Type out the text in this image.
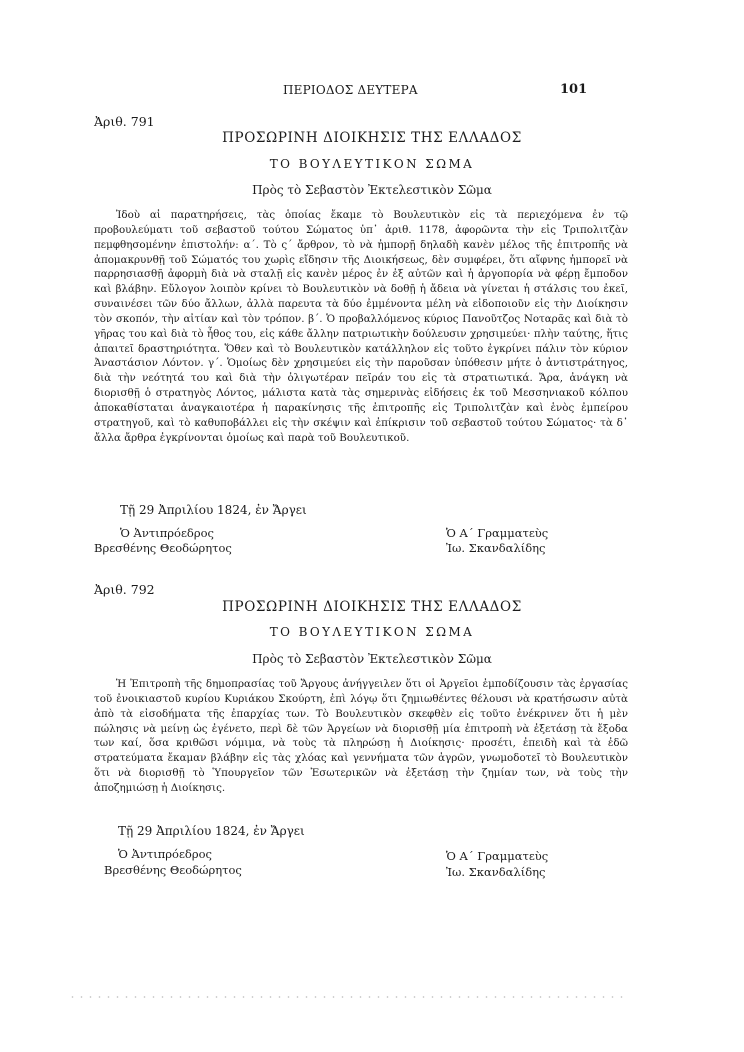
ΠΕΡΙΟΔΟΣ ΔΕΥΤΕΡΑ	101
Ἀριθ. 791
ΠΡΟΣΩΡΙΝΗ ΔΙΟΙΚΗΣΙΣ ΤΗΣ ΕΛΛΑΔΟΣ
ΤΟ ΒΟΥΛΕΥΤΙΚΟΝ ΣΩΜΑ
Πρὸς τὸ Σεβαστὸν Ἐκτελεστικὸν Σῶμα

Ἰδοὺ αἱ παρατηρήσεις, τὰς ὁποίας ἔκαμε τὸ Βουλευτικὸν εἰς τὰ περιεχόμενα ἐν τῷ προβουλεύματι τοῦ σεβαστοῦ τούτου Σώματος ὑπ᾽ ἀριθ. 1178, ἀφορῶντα τὴν εἰς Τριπολιτζὰν πεμφθησομένην ἐπιστολήν: α΄. Τὸ ς΄ ἄρθρον, τὸ νὰ ἠμπορῇ δηλαδὴ κανὲν μέλος τῆς ἐπιτροπῆς νὰ ἀπομακρυνθῇ τοῦ Σώματός του χωρὶς εἴδησιν τῆς Διοικήσεως, δὲν συμφέρει, ὅτι αἴφνης ἠμπορεῖ νὰ παρρησιασθῇ ἀφορμὴ διὰ νὰ σταλῇ εἰς κανὲν μέρος ἐν ἐξ αὐτῶν καὶ ἡ ἀργοπορία νὰ φέρῃ ἔμποδον καὶ βλάβην. Εὔλογον λοιπὸν κρίνει τὸ Βουλευτικὸν νὰ δοθῇ ἡ ἄδεια νὰ γίνεται ἡ στάλσις του ἐκεῖ, συναινέσει τῶν δύο ἄλλων, ἀλλὰ παρευτα τὰ δύο ἐμμένοντα μέλη νὰ εἰδοποιοῦν εἰς τὴν Διοίκησιν τὸν σκοπόν, τὴν αἰτίαν καὶ τὸν τρόπον. β΄. Ὁ προβαλλόμενος κύριος Πανοῦτζος Νοταρᾶς καὶ διὰ τὸ γῆρας του καὶ διὰ τὸ ἦθος του, εἰς κάθε ἄλλην πατριωτικὴν δούλευσιν χρησιμεύει· πλὴν ταύτης, ἥτις ἀπαιτεῖ δραστηριότητα. Ὅθεν καὶ τὸ Βουλευτικὸν κατάλληλον εἰς τοῦτο ἐγκρίνει πάλιν τὸν κύριον Ἀναστάσιον Λόντον. γ΄. Ὁμοίως δὲν χρησιμεύει εἰς τὴν παροῦσαν ὑπόθεσιν μήτε ὁ ἀντιστράτηγος, διὰ τὴν νεότητά του καὶ διὰ τὴν ὀλιγωτέραν πεῖράν του εἰς τὰ στρατιωτικά. Ἄρα, ἀνάγκη νὰ διορισθῇ ὁ στρατηγὸς Λόντος, μάλιστα κατὰ τὰς σημερινὰς εἰδήσεις ἐκ τοῦ Μεσσηνιακοῦ κόλπου ἀποκαθίσταται ἀναγκαιοτέρα ἡ παρακίνησις τῆς ἐπιτροπῆς εἰς Τριπολιτζὰν καὶ ἑνὸς ἐμπείρου στρατηγοῦ, καὶ τὸ καθυποβάλλει εἰς τὴν σκέψιν καὶ ἐπίκρισιν τοῦ σεβαστοῦ τούτου Σώματος· τὰ δ᾽ ἄλλα ἄρθρα ἐγκρίνονται ὁμοίως καὶ παρὰ τοῦ Βουλευτικοῦ.

Τῇ 29 Ἀπριλίου 1824, ἐν Ἄργει
Ὁ Ἀντιπρόεδρος
Βρεσθένης Θεοδώρητος
Ὁ Α΄ Γραμματεὺς
Ἰω. Σκανδαλίδης
Ἀριθ. 792
ΠΡΟΣΩΡΙΝΗ ΔΙΟΙΚΗΣΙΣ ΤΗΣ ΕΛΛΑΔΟΣ
ΤΟ ΒΟΥΛΕΥΤΙΚΟΝ ΣΩΜΑ
Πρὸς τὸ Σεβαστὸν Ἐκτελεστικὸν Σῶμα

Ἡ Ἐπιτροπὴ τῆς δημοπρασίας τοῦ Ἄργους ἀνήγγειλεν ὅτι οἱ Ἀργεῖοι ἐμποδίζουσιν τὰς ἐργασίας τοῦ ἐνοικιαστοῦ κυρίου Κυριάκου Σκούρτη, ἐπὶ λόγῳ ὅτι ζημιωθέντες θέλουσι νὰ κρατήσωσιν αὐτὰ ἀπὸ τὰ εἰσοδήματα τῆς ἐπαρχίας των. Τὸ Βουλευτικὸν σκεφθὲν εἰς τοῦτο ἐνέκρινεν ὅτι ἡ μὲν πώλησις νὰ μείνῃ ὡς ἐγένετο, περὶ δὲ τῶν Ἀργείων νὰ διορισθῇ μία ἐπιτροπὴ νὰ ἐξετάσῃ τὰ ἔξοδα των καί, ὅσα κριθῶσι νόμιμα, νὰ τοὺς τὰ πληρώσῃ ἡ Διοίκησις· προσέτι, ἐπειδὴ καὶ τὰ ἐδῶ στρατεύματα ἔκαμαν βλάβην εἰς τὰς χλόας καὶ γεννήματα τῶν ἀγρῶν, γνωμοδοτεῖ τὸ Βουλευτικὸν ὅτι νὰ διορισθῇ τὸ Ὑπουργεῖον τῶν Ἐσωτερικῶν νὰ ἐξετάσῃ τὴν ζημίαν των, νὰ τοὺς τὴν ἀποζημιώσῃ ἡ Διοίκησις.

Τῇ 29 Ἀπριλίου 1824, ἐν Ἄργει
Ὁ Ἀντιπρόεδρος
Βρεσθένης Θεοδώρητος
Ὁ Α΄ Γραμματεὺς
Ἰω. Σκανδαλίδης
